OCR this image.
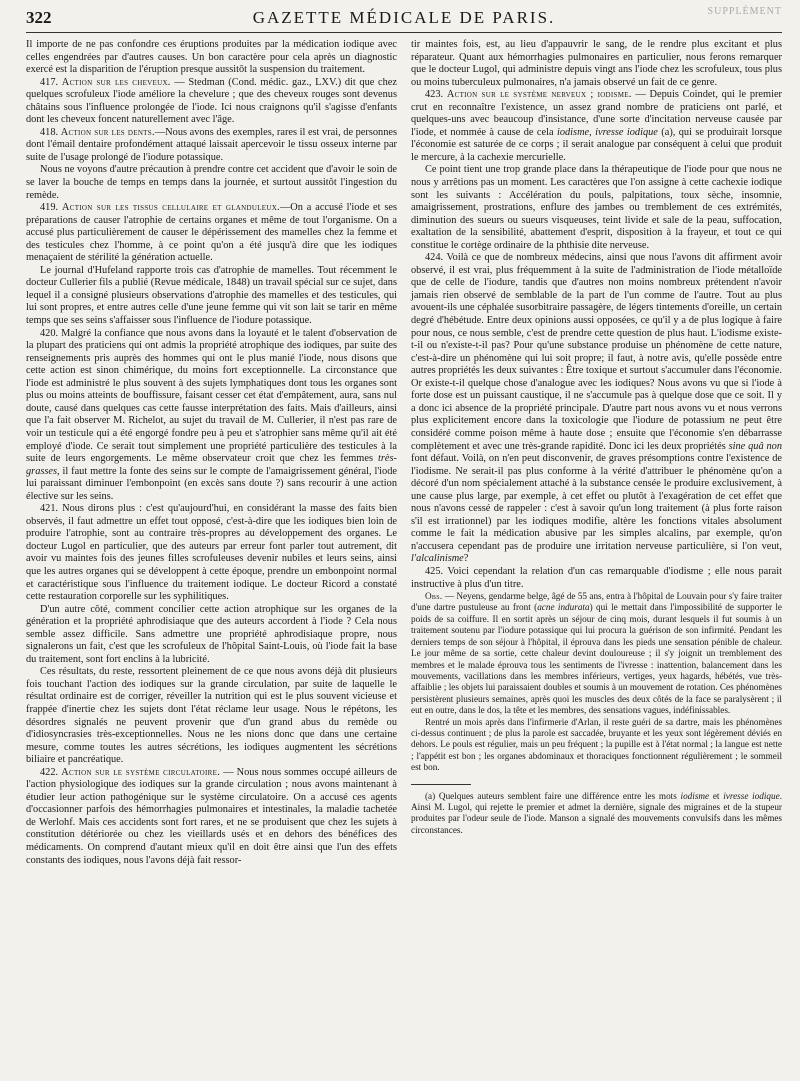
322	GAZETTE MÉDICALE DE PARIS.	SUPPLÉMENT

Il importe de ne pas confondre ces éruptions produites par la médication iodique avec celles engendrées par d'autres causes. Un bon caractère pour cela après un diagnostic exercé est la disparition de l'éruption presque aussitôt la suspension du traitement.

417. Action sur les cheveux. — Stedman (Cond. médic. gaz., LXV.) dit que chez quelques scrofuleux l'iode améliore la chevelure ; que des cheveux rouges sont devenus châtains sous l'influence prolongée de l'iode. Ici nous craignons qu'il s'agisse d'enfants dont les cheveux foncent naturellement avec l'âge.

418. Action sur les dents.—Nous avons des exemples, rares il est vrai, de personnes dont l'émail dentaire profondément attaqué laissait apercevoir le tissu osseux interne par suite de l'usage prolongé de l'iodure potassique.

Nous ne voyons d'autre précaution à prendre contre cet accident que d'avoir le soin de se laver la bouche de temps en temps dans la journée, et surtout aussitôt l'ingestion du remède.

419. Action sur les tissus cellulaire et glanduleux.—On a accusé l'iode et ses préparations de causer l'atrophie de certains organes et même de tout l'organisme. On a accusé plus particulièrement de causer le dépérissement des mamelles chez la femme et des testicules chez l'homme, à ce point qu'on a été jusqu'à dire que les iodiques menaçaient de stérilité la génération actuelle.

Le journal d'Hufeland rapporte trois cas d'atrophie de mamelles. Tout récemment le docteur Cullerier fils a publié (Revue médicale, 1848) un travail spécial sur ce sujet, dans lequel il a consigné plusieurs observations d'atrophie des mamelles et des testicules, qui lui sont propres, et entre autres celle d'une jeune femme qui vit son lait se tarir en même temps que ses seins s'affaisser sous l'influence de l'iodure potassique.

420. Malgré la confiance que nous avons dans la loyauté et le talent d'observation de la plupart des praticiens qui ont admis la propriété atrophique des iodiques, par suite des renseignements pris auprès des hommes qui ont le plus manié l'iode, nous disons que cette action est sinon chimérique, du moins fort exceptionnelle. La circonstance que l'iode est administré le plus souvent à des sujets lymphatiques dont tous les organes sont plus ou moins atteints de bouffissure, faisant cesser cet état d'empâtement, aura, sans nul doute, causé dans quelques cas cette fausse interprétation des faits. Mais d'ailleurs, ainsi que l'a fait observer M. Richelot, au sujet du travail de M. Cullerier, il n'est pas rare de voir un testicule qui a été engorgé fondre peu à peu et s'atrophier sans même qu'il ait été employé d'iode. Ce serait tout simplement une propriété particulière des testicules à la suite de leurs engorgements. Le même observateur croit que chez les femmes très-grasses, il faut mettre la fonte des seins sur le compte de l'amaigrissement général, l'iode lui paraissant diminuer l'embonpoint (en excès sans doute ?) sans recourir à une action élective sur les seins.

421. Nous dirons plus : c'est qu'aujourd'hui, en considérant la masse des faits bien observés, il faut admettre un effet tout opposé, c'est-à-dire que les iodiques bien loin de produire l'atrophie, sont au contraire très-propres au développement des organes. Le docteur Lugol en particulier, que des auteurs par erreur font parler tout autrement, dit avoir vu maintes fois des jeunes filles scrofuleuses devenir nubiles et leurs seins, ainsi que les autres organes qui se développent à cette époque, prendre un embonpoint normal et caractéristique sous l'influence du traitement iodique. Le docteur Ricord a constaté cette restauration corporelle sur les syphilitiques.

D'un autre côté, comment concilier cette action atrophique sur les organes de la génération et la propriété aphrodisiaque que des auteurs accordent à l'iode ? Cela nous semble assez difficile. Sans admettre une propriété aphrodisiaque propre, nous signalerons un fait, c'est que les scrofuleux de l'hôpital Saint-Louis, où l'iode fait la base du traitement, sont fort enclins à la lubricité.

Ces résultats, du reste, ressortent pleinement de ce que nous avons déjà dit plusieurs fois touchant l'action des iodiques sur la grande circulation, par suite de laquelle le résultat ordinaire est de corriger, réveiller la nutrition qui est le plus souvent vicieuse et frappée d'inertie chez les sujets dont l'état réclame leur usage. Nous le répétons, les désordres signalés ne peuvent provenir que d'un grand abus du remède ou d'idiosyncrasies très-exceptionnelles. Nous ne les nions donc que dans une certaine mesure, comme toutes les autres sécrétions, les iodiques augmentent les sécrétions biliaire et pancréatique.

422. Action sur le système circulatoire. — Nous nous sommes occupé ailleurs de l'action physiologique des iodiques sur la grande circulation ; nous avons maintenant à étudier leur action pathogénique sur le système circulatoire. On a accusé ces agents d'occasionner parfois des hémorrhagies pulmonaires et intestinales, la maladie tachetée de Werlohf. Mais ces accidents sont fort rares, et ne se produisent que chez les sujets à constitution détériorée ou chez les vieillards usés et en dehors des bénéfices des médicaments. On comprend d'autant mieux qu'il en doit être ainsi que l'un des effets constants des iodiques, nous l'avons déjà fait ressor-

tir maintes fois, est, au lieu d'appauvrir le sang, de le rendre plus excitant et plus réparateur. Quant aux hémorrhagies pulmonaires en particulier, nous ferons remarquer que le docteur Lugol, qui administre depuis vingt ans l'iode chez les scrofuleux, tous plus ou moins tuberculeux pulmonaires, n'a jamais observé un fait de ce genre.

423. Action sur le système nerveux ; iodisme. — Depuis Coindet, qui le premier crut en reconnaître l'existence, un assez grand nombre de praticiens ont parlé, et quelques-uns avec beaucoup d'insistance, d'une sorte d'incitation nerveuse causée par l'iode, et nommée à cause de cela iodisme, ivresse iodique (a), qui se produirait lorsque l'économie est saturée de ce corps ; il serait analogue par conséquent à celui que produit le mercure, à la cachexie mercurielle.

Ce point tient une trop grande place dans la thérapeutique de l'iode pour que nous ne nous y arrêtions pas un moment. Les caractères que l'on assigne à cette cachexie iodique sont les suivants : Accélération du pouls, palpitations, toux sèche, insomnie, amaigrissement, prostrations, enflure des jambes ou tremblement de ces extrémités, diminution des sueurs ou sueurs visqueuses, teint livide et sale de la peau, suffocation, exaltation de la sensibilité, abattement d'esprit, disposition à la frayeur, et tout ce qui constitue le cortège ordinaire de la phthisie dite nerveuse.

424. Voilà ce que de nombreux médecins, ainsi que nous l'avons dit affirment avoir observé, il est vrai, plus fréquemment à la suite de l'administration de l'iode métalloïde que de celle de l'iodure, tandis que d'autres non moins nombreux prétendent n'avoir jamais rien observé de semblable de la part de l'un comme de l'autre. Tout au plus avouent-ils une céphalée susorbitraire passagère, de légers tintements d'oreille, un certain degré d'hébétude. Entre deux opinions aussi opposées, ce qu'il y a de plus logique à faire pour nous, ce nous semble, c'est de prendre cette question de plus haut. L'iodisme existe-t-il ou n'existe-t-il pas? Pour qu'une substance produise un phénomène de cette nature, c'est-à-dire un phénomène qui lui soit propre; il faut, à notre avis, qu'elle possède entre autres propriétés les deux suivantes : Être toxique et surtout s'accumuler dans l'économie. Or existe-t-il quelque chose d'analogue avec les iodiques? Nous avons vu que si l'iode à forte dose est un puissant caustique, il ne s'accumule pas à quelque dose que ce soit. Il y a donc ici absence de la propriété principale. D'autre part nous avons vu et nous verrons plus explicitement encore dans la toxicologie que l'iodure de potassium ne peut être considéré comme poison même à haute dose ; ensuite que l'économie s'en débarrasse complètement et avec une très-grande rapidité. Donc ici les deux propriétés sine quâ non font défaut. Voilà, on n'en peut disconvenir, de graves présomptions contre l'existence de l'iodisme. Ne serait-il pas plus conforme à la vérité d'attribuer le phénomène qu'on a décoré d'un nom spécialement attaché à la substance censée le produire exclusivement, à une cause plus large, par exemple, à cet effet ou plutôt à l'exagération de cet effet que nous n'avons cessé de rappeler : c'est à savoir qu'un long traitement (à plus forte raison s'il est irrationnel) par les iodiques modifie, altère les fonctions vitales absolument comme le fait la médication abusive par les simples alcalins, par exemple, qu'on n'accusera cependant pas de produire une irritation nerveuse particulière, si l'on veut, l'alcalinisme?

425. Voici cependant la relation d'un cas remarquable d'iodisme ; elle nous parait instructive à plus d'un titre.

Obs. — Neyens, gendarme belge, âgé de 55 ans, entra à l'hôpital de Louvain pour s'y faire traiter d'une dartre pustuleuse au front (acne indurata) qui le mettait dans l'impossibilité de supporter le poids de sa coiffure. Il en sortit après un séjour de cinq mois, durant lesquels il fut soumis à un traitement soutenu par l'iodure potassique qui lui procura la guérison de son infirmité. Pendant les derniers temps de son séjour à l'hôpital, il éprouva dans les pieds une sensation pénible de chaleur. Le jour même de sa sortie, cette chaleur devint douloureuse ; il s'y joignit un tremblement des membres et le malade éprouva tous les sentiments de l'ivresse : inattention, balancement dans les mouvements, vacillations dans les membres inférieurs, vertiges, yeux hagards, hébétés, vue très-affaiblie ; les objets lui paraissaient doubles et soumis à un mouvement de rotation. Ces phénomènes persistèrent plusieurs semaines, après quoi les muscles des deux côtés de la face se paralysèrent ; il eut en outre, dans le dos, la tête et les membres, des sensations vagues, indéfinissables.

Rentré un mois après dans l'infirmerie d'Arlan, il reste guéri de sa dartre, mais les phénomènes ci-dessus continuent ; de plus la parole est saccadée, bruyante et les yeux sont légèrement déviés en dehors. Le pouls est régulier, mais un peu fréquent ; la pupille est à l'état normal ; la langue est nette ; l'appétit est bon ; les organes abdominaux et thoraciques fonctionnent régulièrement ; le sommeil est bon.

(a) Quelques auteurs semblent faire une différence entre les mots iodisme et ivresse iodique. Ainsi M. Lugol, qui rejette le premier et admet la dernière, signale des migraines et de la stupeur produites par l'odeur seule de l'iode. Manson a signalé des mouvements convulsifs dans les mêmes circonstances.
